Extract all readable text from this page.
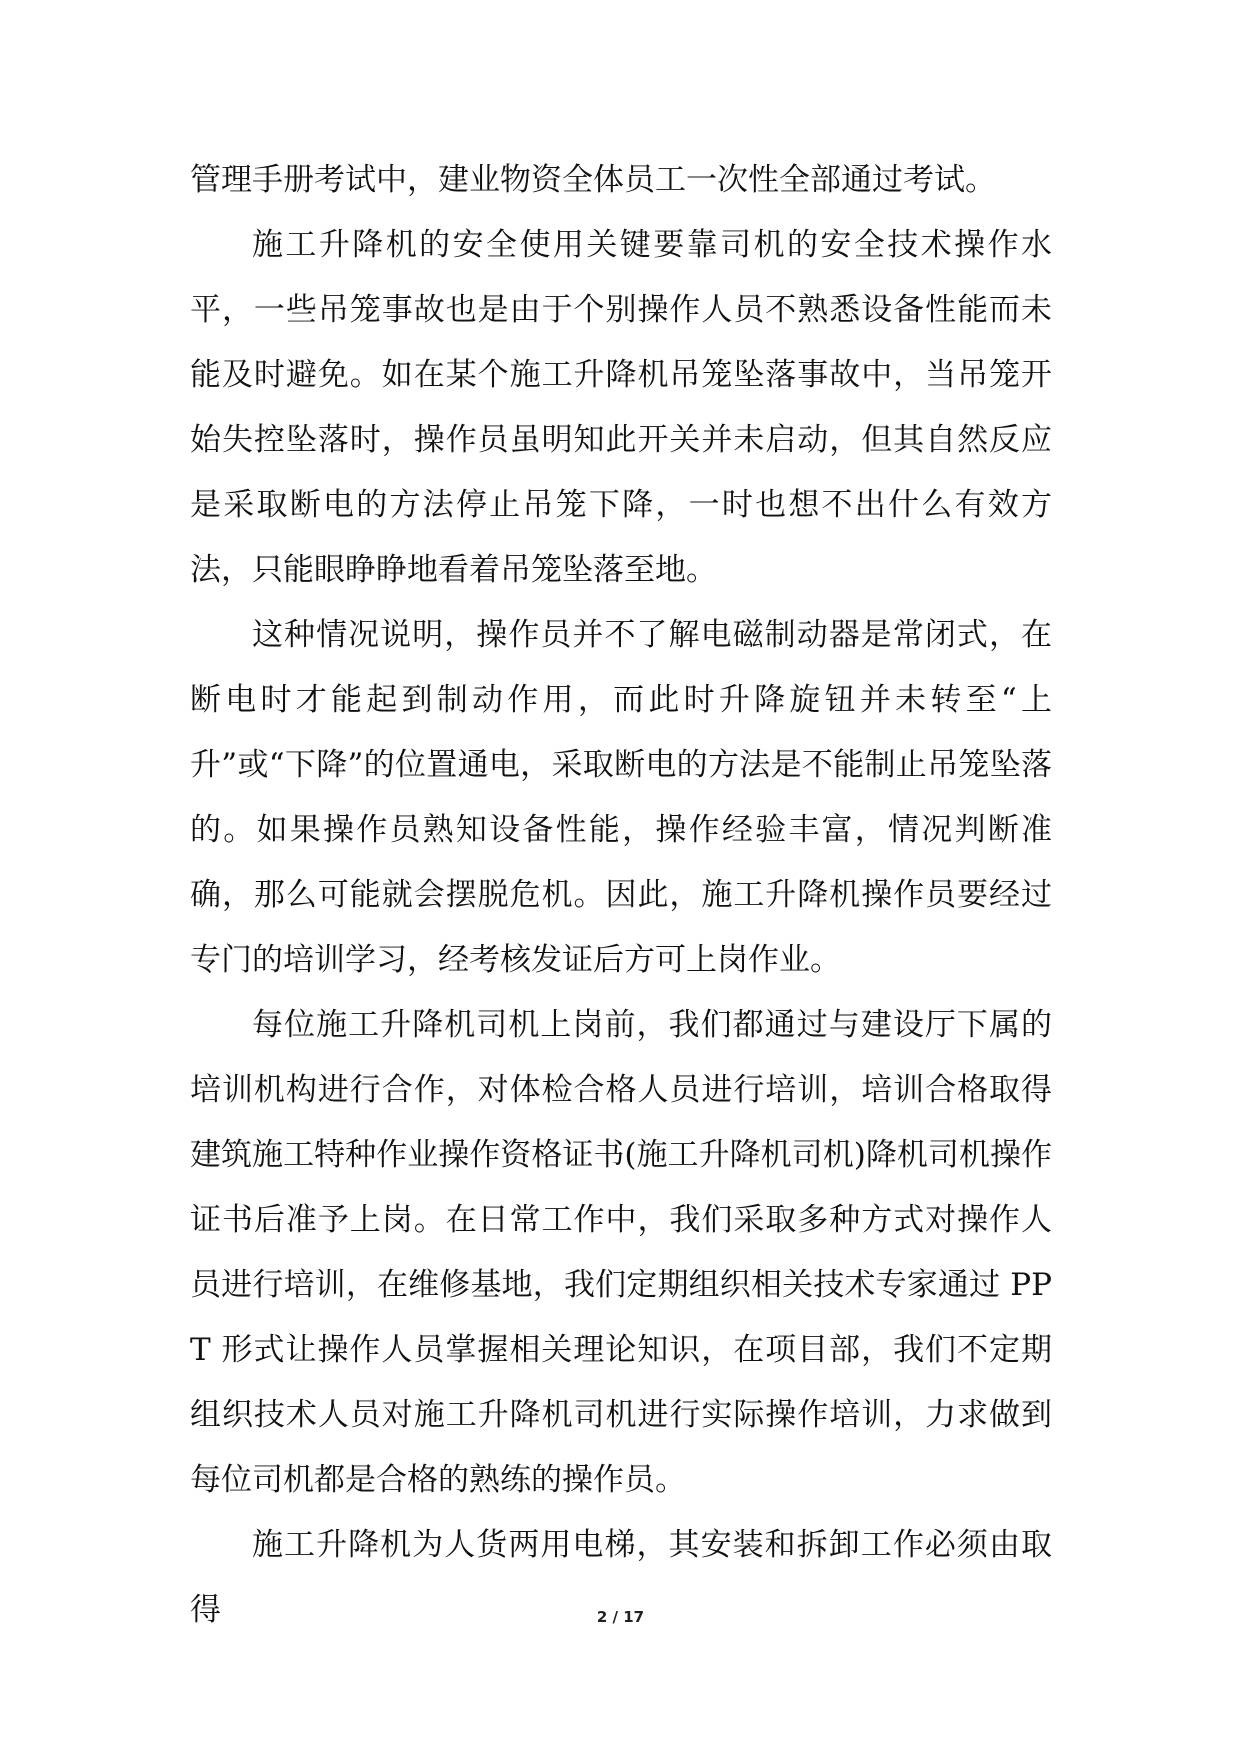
管理手册考试中，建业物资全体员工一次性全部通过考试。

施工升降机的安全使用关键要靠司机的安全技术操作水平，一些吊笼事故也是由于个别操作人员不熟悉设备性能而未能及时避免。如在某个施工升降机吊笼坠落事故中，当吊笼开始失控坠落时，操作员虽明知此开关并未启动，但其自然反应是采取断电的方法停止吊笼下降，一时也想不出什么有效方法，只能眼睁睁地看着吊笼坠落至地。

这种情况说明，操作员并不了解电磁制动器是常闭式，在断电时才能起到制动作用，而此时升降旋钮并未转至“上升”或“下降”的位置通电，采取断电的方法是不能制止吊笼坠落的。如果操作员熟知设备性能，操作经验丰富，情况判断准确，那么可能就会摆脱危机。因此，施工升降机操作员要经过专门的培训学习，经考核发证后方可上岗作业。

每位施工升降机司机上岗前，我们都通过与建设厅下属的培训机构进行合作，对体检合格人员进行培训，培训合格取得建筑施工特种作业操作资格证书(施工升降机司机)降机司机操作证书后准予上岗。在日常工作中，我们采取多种方式对操作人员进行培训，在维修基地，我们定期组织相关技术专家通过 PPT 形式让操作人员掌握相关理论知识，在项目部，我们不定期组织技术人员对施工升降机司机进行实际操作培训，力求做到每位司机都是合格的熟练的操作员。

施工升降机为人货两用电梯，其安装和拆卸工作必须由取得	2 / 17
